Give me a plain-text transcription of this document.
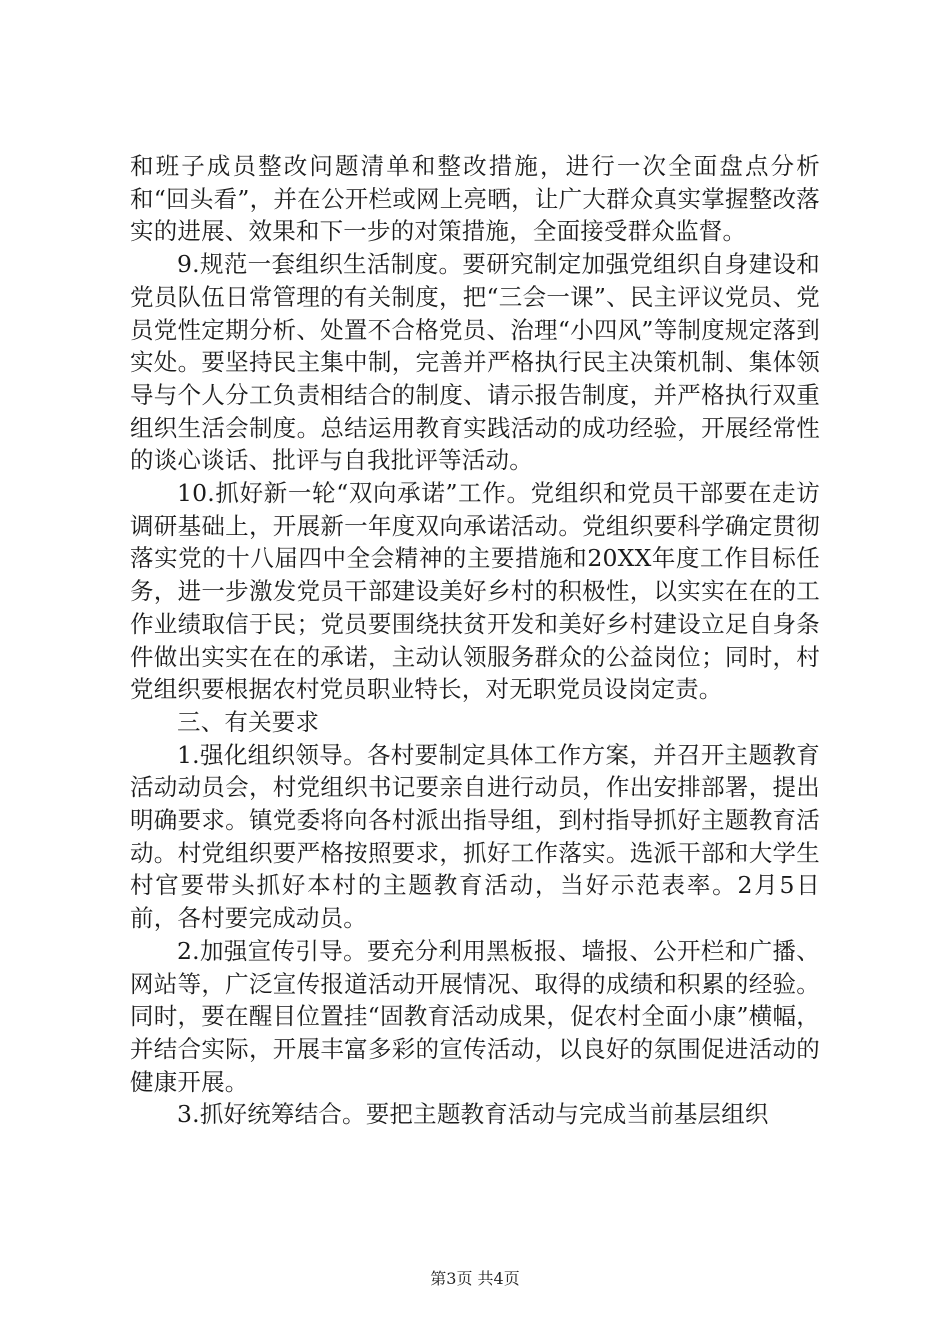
和班子成员整改问题清单和整改措施，进行一次全面盘点分析和“回头看”，并在公开栏或网上亮晒，让广大群众真实掌握整改落实的进展、效果和下一步的对策措施，全面接受群众监督。

9.规范一套组织生活制度。要研究制定加强党组织自身建设和党员队伍日常管理的有关制度，把“三会一课”、民主评议党员、党员党性定期分析、处置不合格党员、治理“小四风”等制度规定落到实处。要坚持民主集中制，完善并严格执行民主决策机制、集体领导与个人分工负责相结合的制度、请示报告制度，并严格执行双重组织生活会制度。总结运用教育实践活动的成功经验，开展经常性的谈心谈话、批评与自我批评等活动。

10.抓好新一轮“双向承诺”工作。党组织和党员干部要在走访调研基础上，开展新一年度双向承诺活动。党组织要科学确定贯彻落实党的十八届四中全会精神的主要措施和20XX年度工作目标任务，进一步激发党员干部建设美好乡村的积极性，以实实在在的工作业绩取信于民；党员要围绕扶贫开发和美好乡村建设立足自身条件做出实实在在的承诺，主动认领服务群众的公益岗位；同时，村党组织要根据农村党员职业特长，对无职党员设岗定责。

三、有关要求

1.强化组织领导。各村要制定具体工作方案，并召开主题教育活动动员会，村党组织书记要亲自进行动员，作出安排部署，提出明确要求。镇党委将向各村派出指导组，到村指导抓好主题教育活动。村党组织要严格按照要求，抓好工作落实。选派干部和大学生村官要带头抓好本村的主题教育活动，当好示范表率。2月5日前，各村要完成动员。

2.加强宣传引导。要充分利用黑板报、墙报、公开栏和广播、网站等，广泛宣传报道活动开展情况、取得的成绩和积累的经验。同时，要在醒目位置挂“固教育活动成果，促农村全面小康”横幅，并结合实际，开展丰富多彩的宣传活动，以良好的氛围促进活动的健康开展。

3.抓好统筹结合。要把主题教育活动与完成当前基层组织

第3页 共4页
